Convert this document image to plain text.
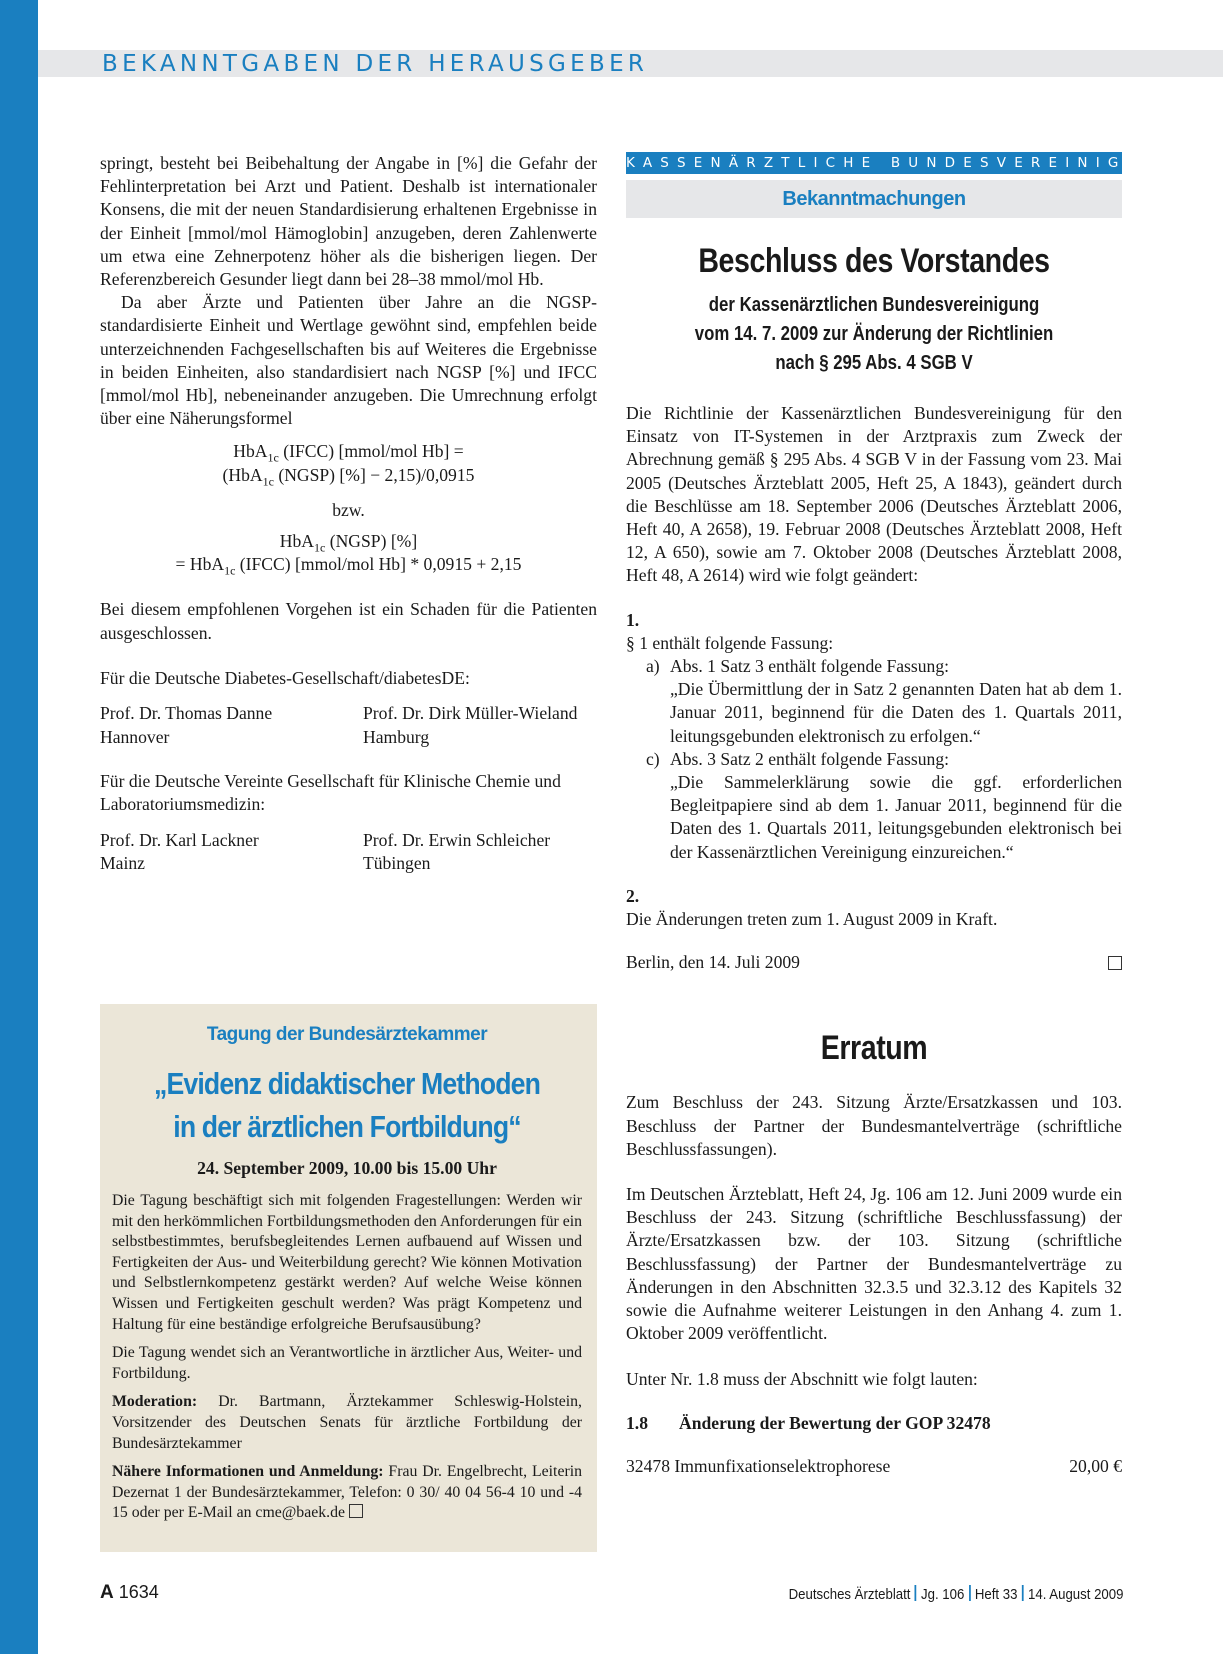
BEKANNTGABEN DER HERAUSGEBER

springt, besteht bei Beibehaltung der Angabe in [%] die Gefahr der Fehlinterpretation bei Arzt und Patient. Deshalb ist internationaler Konsens, die mit der neuen Standardisierung erhaltenen Ergebnisse in der Einheit [mmol/mol Hämoglobin] anzugeben, deren Zahlenwerte um etwa eine Zehnerpotenz höher als die bisherigen liegen. Der Referenzbereich Gesunder liegt dann bei 28–38 mmol/mol Hb.

Da aber Ärzte und Patienten über Jahre an die NGSP-standardisierte Einheit und Wertlage gewöhnt sind, empfehlen beide unterzeichnenden Fachgesellschaften bis auf Weiteres die Ergebnisse in beiden Einheiten, also standardisiert nach NGSP [%] und IFCC [mmol/mol Hb], nebeneinander anzugeben. Die Umrechnung erfolgt über eine Näherungsformel

HbA$_{1c}$ (IFCC) [mmol/mol Hb] =

(HbA$_{1c}$ (NGSP) [%] − 2,15)/0,0915

bzw.

HbA$_{1c}$ (NGSP) [%]

= HbA$_{1c}$ (IFCC) [mmol/mol Hb] * 0,0915 + 2,15

Bei diesem empfohlenen Vorgehen ist ein Schaden für die Patienten ausgeschlossen.

Für die Deutsche Diabetes-Gesellschaft/diabetesDE:

Prof. Dr. Thomas Danne
Hannover
Prof. Dr. Dirk Müller-Wieland
Hamburg

Für die Deutsche Vereinte Gesellschaft für Klinische Chemie und Laboratoriumsmedizin:

Prof. Dr. Karl Lackner
Mainz
Prof. Dr. Erwin Schleicher
Tübingen
Tagung der Bundesärztekammer
„Evidenz didaktischer Methoden in der ärztlichen Fortbildung“
24. September 2009, 10.00 bis 15.00 Uhr

Die Tagung beschäftigt sich mit folgenden Fragestellungen: Werden wir mit den herkömmlichen Fortbildungsmethoden den Anforderungen für ein selbstbestimmtes, berufsbegleitendes Lernen aufbauend auf Wissen und Fertigkeiten der Aus- und Weiterbildung gerecht? Wie können Motivation und Selbstlernkompetenz gestärkt werden? Auf welche Weise können Wissen und Fertigkeiten geschult werden? Was prägt Kompetenz und Haltung für eine beständige erfolgreiche Berufsausübung?

Die Tagung wendet sich an Verantwortliche in ärztlicher Aus, Weiter- und Fortbildung.

Moderation: Dr. Bartmann, Ärztekammer Schleswig-Holstein, Vorsitzender des Deutschen Senats für ärztliche Fortbildung der Bundesärztekammer

Nähere Informationen und Anmeldung: Frau Dr. Engelbrecht, Leiterin Dezernat 1 der Bundesärztekammer, Telefon: 0 30/ 40 04 56-4 10 und -4 15 oder per E-Mail an cme@baek.de

KASSENÄRZTLICHE BUNDESVEREINIGUNG
Bekanntmachungen
Beschluss des Vorstandes
der Kassenärztlichen Bundesvereinigung
vom 14. 7. 2009 zur Änderung der Richtlinien
nach § 295 Abs. 4 SGB V

Die Richtlinie der Kassenärztlichen Bundesvereinigung für den Einsatz von IT-Systemen in der Arztpraxis zum Zweck der Abrechnung gemäß § 295 Abs. 4 SGB V in der Fassung vom 23. Mai 2005 (Deutsches Ärzteblatt 2005, Heft 25, A 1843), geändert durch die Beschlüsse am 18. September 2006 (Deutsches Ärzteblatt 2006, Heft 40, A 2658), 19. Februar 2008 (Deutsches Ärzteblatt 2008, Heft 12, A 650), sowie am 7. Oktober 2008 (Deutsches Ärzteblatt 2008, Heft 48, A 2614) wird wie folgt geändert:

1.

§ 1 enthält folgende Fassung:

a) Abs. 1 Satz 3 enthält folgende Fassung:
„Die Übermittlung der in Satz 2 genannten Daten hat ab dem 1. Januar 2011, beginnend für die Daten des 1. Quartals 2011, leitungsgebunden elektronisch zu erfolgen.“
c) Abs. 3 Satz 2 enthält folgende Fassung:
„Die Sammelerklärung sowie die ggf. erforderlichen Begleitpapiere sind ab dem 1. Januar 2011, beginnend für die Daten des 1. Quartals 2011, leitungsgebunden elektronisch bei der Kassenärztlichen Vereinigung einzureichen.“

2.

Die Änderungen treten zum 1. August 2009 in Kraft.

Berlin, den 14. Juli 2009

Erratum

Zum Beschluss der 243. Sitzung Ärzte/Ersatzkassen und 103. Beschluss der Partner der Bundesmantelverträge (schriftliche Beschlussfassungen).

Im Deutschen Ärzteblatt, Heft 24, Jg. 106 am 12. Juni 2009 wurde ein Beschluss der 243. Sitzung (schriftliche Beschlussfassung) der Ärzte/Ersatzkassen bzw. der 103. Sitzung (schriftliche Beschlussfassung) der Partner der Bundesmantelverträge zu Änderungen in den Abschnitten 32.3.5 und 32.3.12 des Kapitels 32 sowie die Aufnahme weiterer Leistungen in den Anhang 4. zum 1. Oktober 2009 veröffentlicht.

Unter Nr. 1.8 muss der Abschnitt wie folgt lauten:

1.8	Änderung der Bewertung der GOP 32478
32478 Immunfixationselektrophorese	20,00 €
A 1634	Deutsches Ärzteblatt Jg. 106 Heft 33 14. August 2009
